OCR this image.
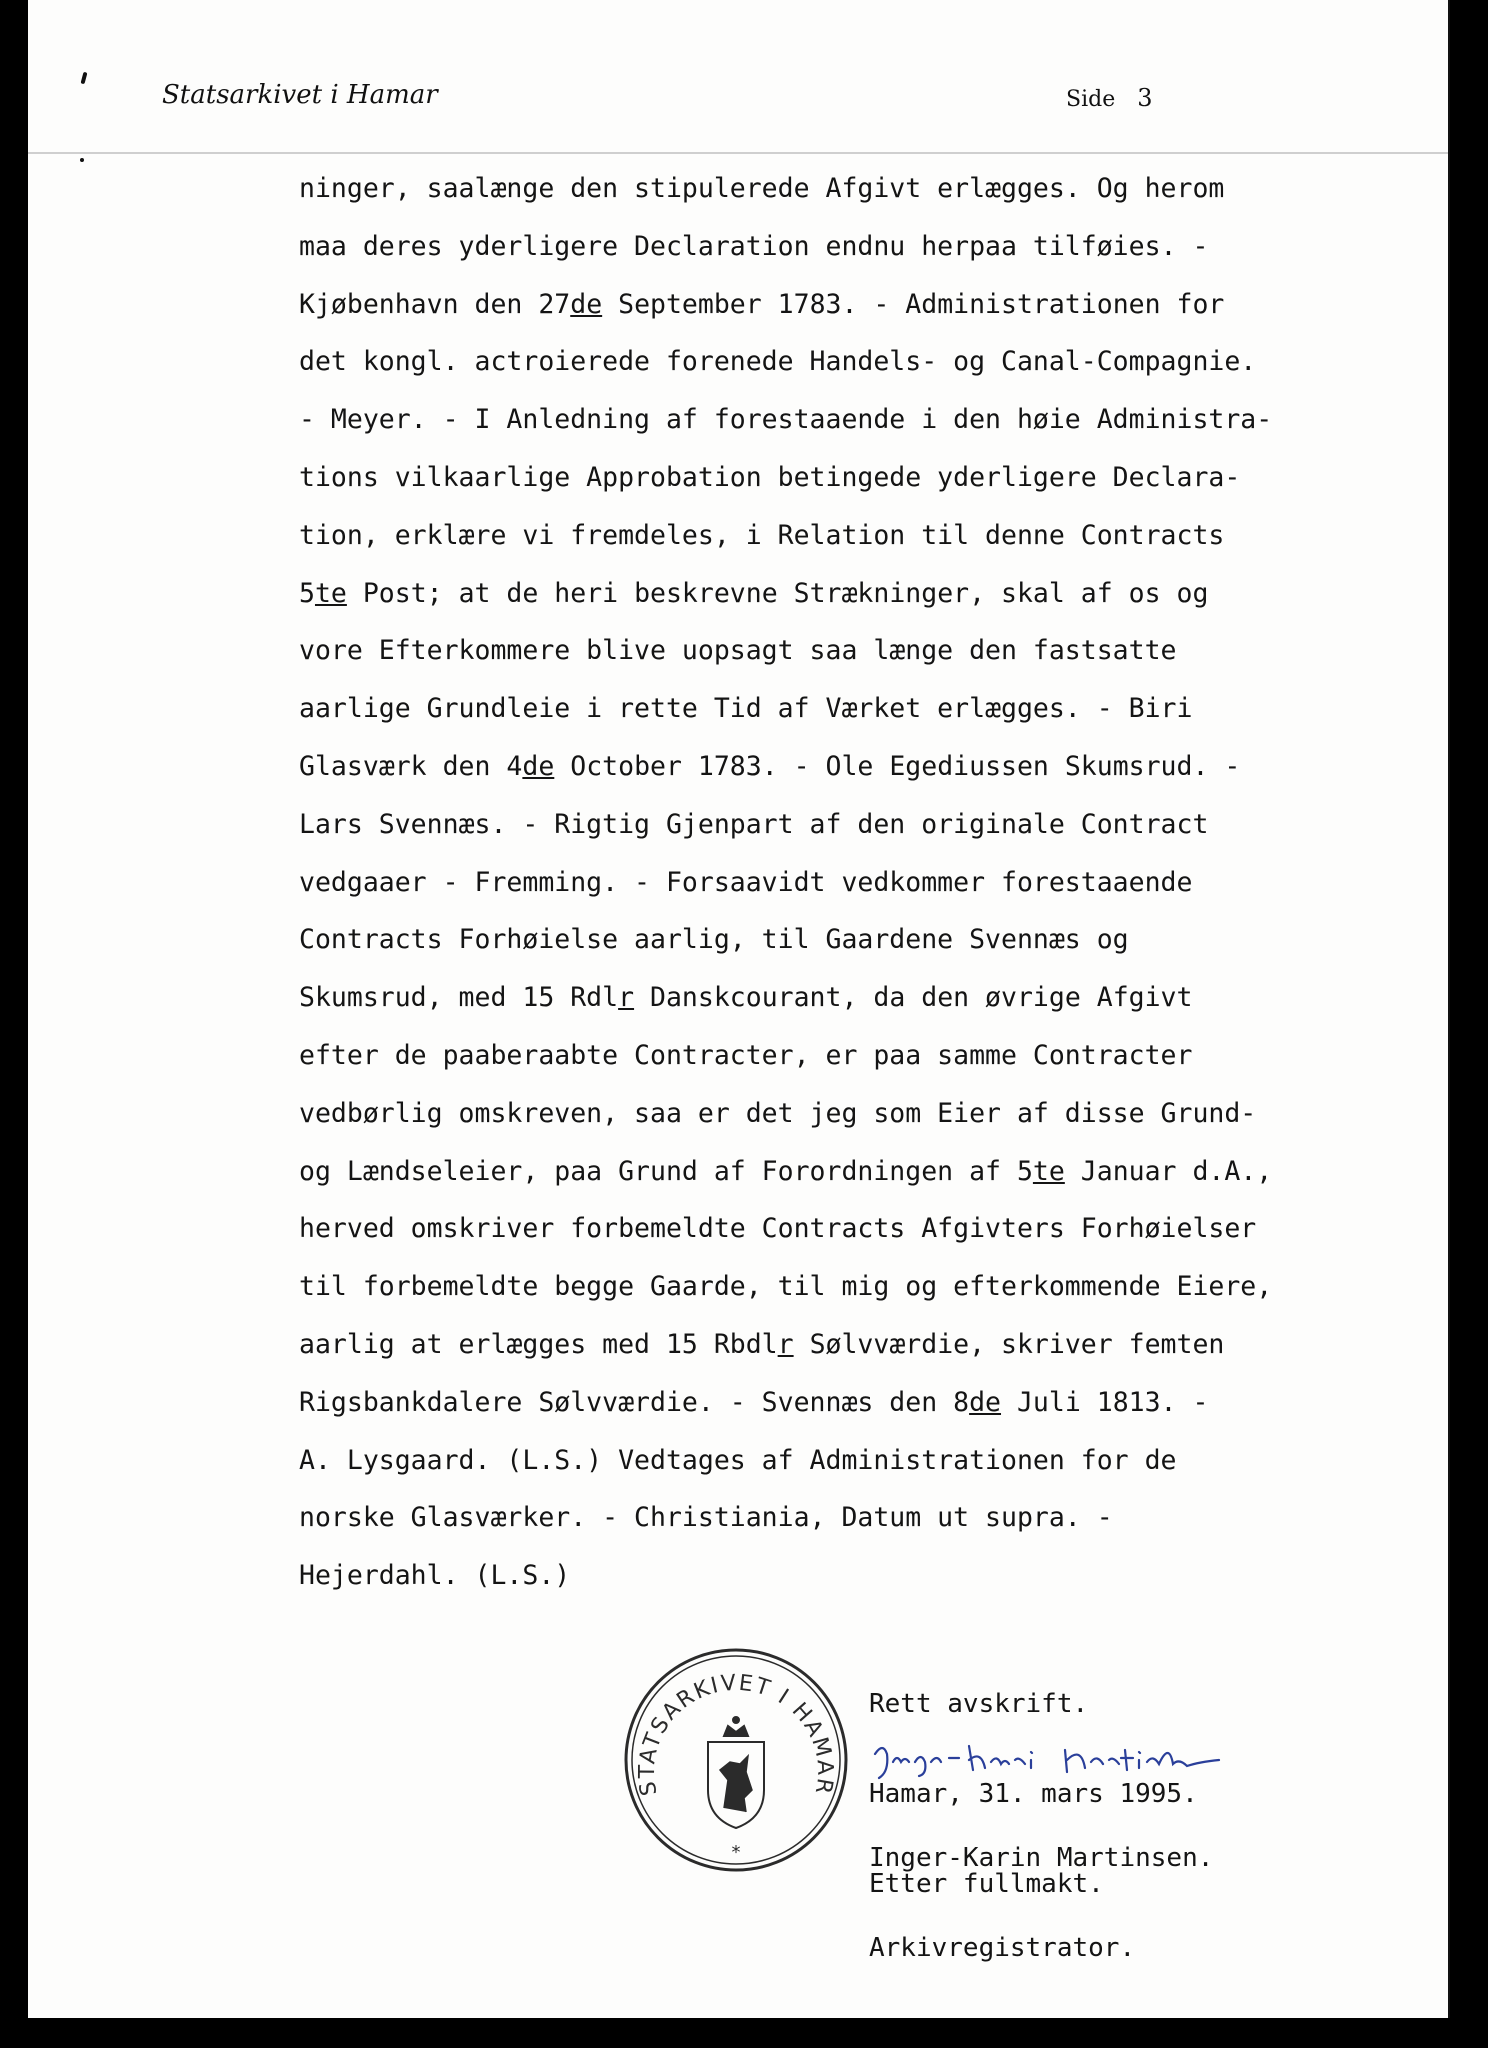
Statsarkivet i Hamar	Side 3
ninger, saalænge den stipulerede Afgivt erlægges. Og herom
maa deres yderligere Declaration endnu herpaa tilføies. -
Kjøbenhavn den 27de September 1783. - Administrationen for
det kongl. actroierede forenede Handels- og Canal-Compagnie.
- Meyer. - I Anledning af forestaaende i den høie Administra-
tions vilkaarlige Approbation betingede yderligere Declara-
tion, erklære vi fremdeles, i Relation til denne Contracts
5te Post; at de heri beskrevne Strækninger, skal af os og
vore Efterkommere blive uopsagt saa længe den fastsatte
aarlige Grundleie i rette Tid af Værket erlægges. - Biri
Glasværk den 4de October 1783. - Ole Egediussen Skumsrud. -
Lars Svennæs. - Rigtig Gjenpart af den originale Contract
vedgaaer - Fremming. - Forsaavidt vedkommer forestaaende
Contracts Forhøielse aarlig, til Gaardene Svennæs og
Skumsrud, med 15 Rdlr Danskcourant, da den øvrige Afgivt
efter de paaberaabte Contracter, er paa samme Contracter
vedbørlig omskreven, saa er det jeg som Eier af disse Grund-
og Lændseleier, paa Grund af Forordningen af 5te Januar d.A.,
herved omskriver forbemeldte Contracts Afgivters Forhøielser
til forbemeldte begge Gaarde, til mig og efterkommende Eiere,
aarlig at erlægges med 15 Rbdlr Sølvværdie, skriver femten
Rigsbankdalere Sølvværdie. - Svennæs den 8de Juli 1813. -
A. Lysgaard. (L.S.) Vedtages af Administrationen for de
norske Glasværker. - Christiania, Datum ut supra. -
Hejerdahl. (L.S.)
STATSARKIVET I HAMAR
*

Rett avskrift.

Hamar, 31. mars 1995.

Etter fullmakt.

Inger-Karin Martinsen.

Arkivregistrator.
